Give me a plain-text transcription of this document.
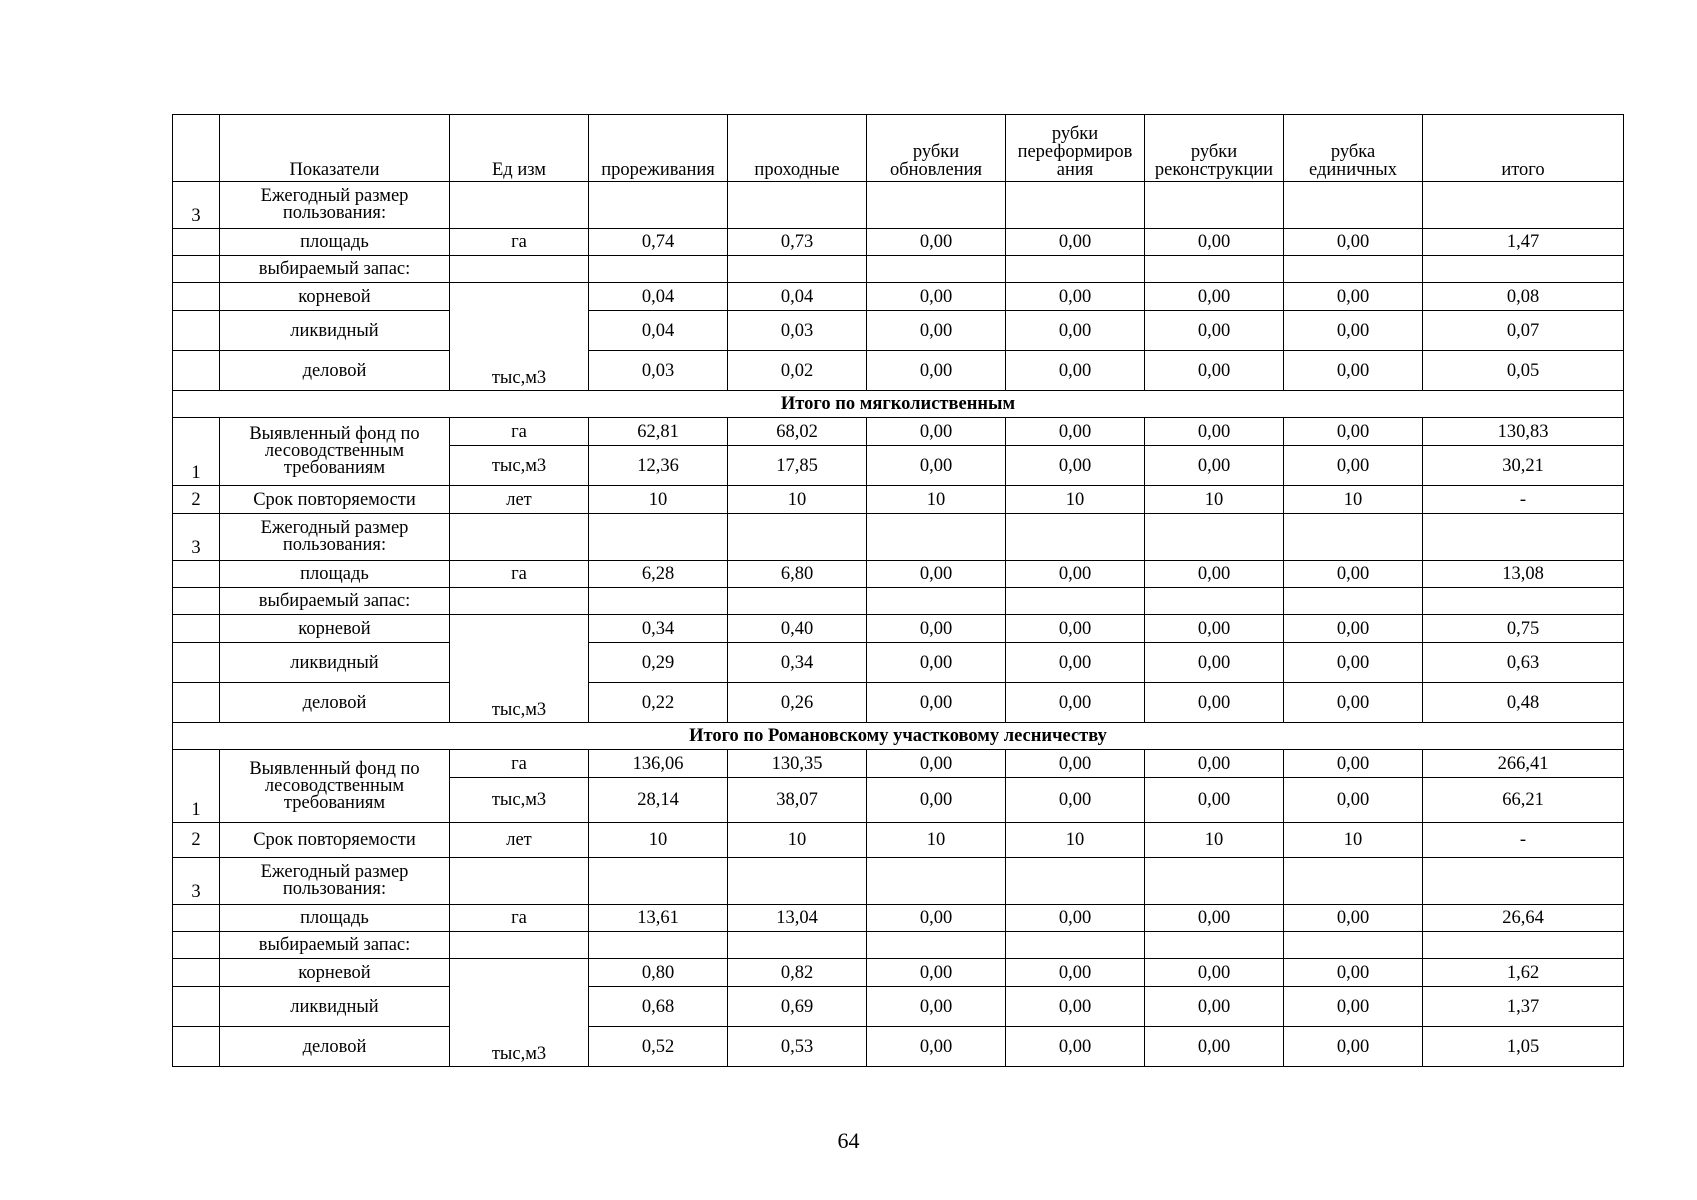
	Показатели	Ед изм	прореживания	проходные	рубки обновления	рубки переформиров ания	рубки реконструкции	рубка единичных	итого
3	Ежегодный размер пользования:								
	площадь	га	0,74	0,73	0,00	0,00	0,00	0,00	1,47
	выбираемый запас:								
	корневой	тыс,м3	0,04	0,04	0,00	0,00	0,00	0,00	0,08
	ликвидный		0,04	0,03	0,00	0,00	0,00	0,00	0,07
	деловой		0,03	0,02	0,00	0,00	0,00	0,00	0,05
Итого по мягколиственным									
1	Выявленный фонд по лесоводственным требованиям	га	62,81	68,02	0,00	0,00	0,00	0,00	130,83
		тыс,м3	12,36	17,85	0,00	0,00	0,00	0,00	30,21
2	Срок повторяемости	лет	10	10	10	10	10	10	-
3	Ежегодный размер пользования:								
	площадь	га	6,28	6,80	0,00	0,00	0,00	0,00	13,08
	выбираемый запас:								
	корневой	тыс,м3	0,34	0,40	0,00	0,00	0,00	0,00	0,75
	ликвидный		0,29	0,34	0,00	0,00	0,00	0,00	0,63
	деловой		0,22	0,26	0,00	0,00	0,00	0,00	0,48
Итого по Романовскому участковому лесничеству									
1	Выявленный фонд по лесоводственным требованиям	га	136,06	130,35	0,00	0,00	0,00	0,00	266,41
		тыс,м3	28,14	38,07	0,00	0,00	0,00	0,00	66,21
2	Срок повторяемости	лет	10	10	10	10	10	10	-
3	Ежегодный размер пользования:								
	площадь	га	13,61	13,04	0,00	0,00	0,00	0,00	26,64
	выбираемый запас:								
	корневой	тыс,м3	0,80	0,82	0,00	0,00	0,00	0,00	1,62
	ликвидный		0,68	0,69	0,00	0,00	0,00	0,00	1,37
	деловой		0,52	0,53	0,00	0,00	0,00	0,00	1,05
64
